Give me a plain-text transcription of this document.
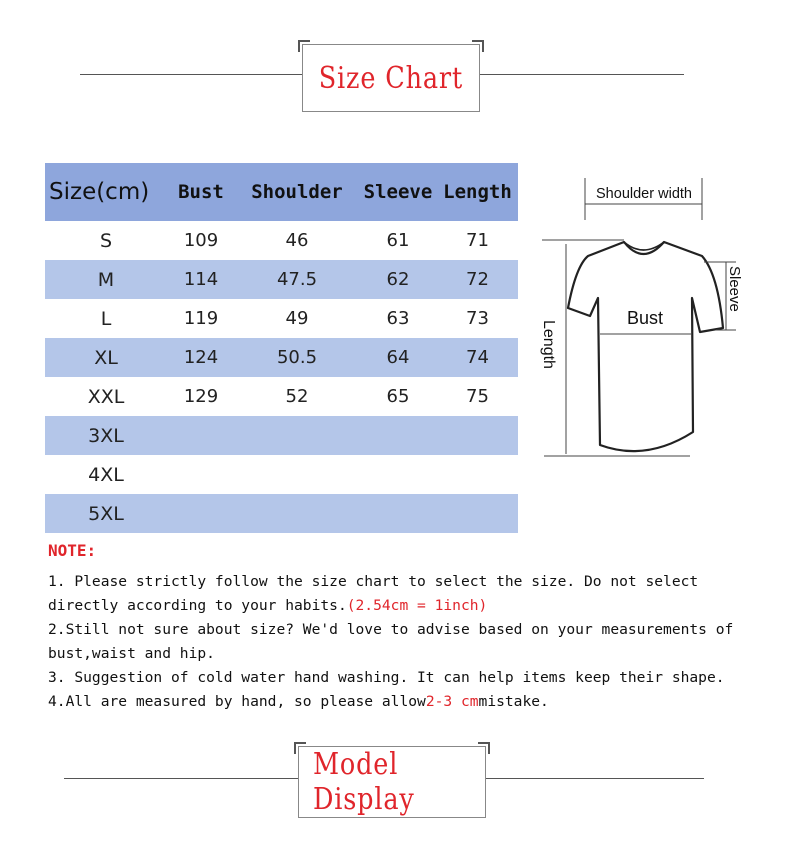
Size Chart
Size(cm)	Bust	Shoulder	Sleeve	Length
S	109	46	61	71
M	114	47.5	62	72
L	119	49	63	73
XL	124	50.5	64	74
XXL	129	52	65	75
3XL				
4XL				
5XL				
Shoulder width
Length
Bust
Sleeve
NOTE:

1. Please strictly follow the size chart to select the size. Do not select directly according to your habits.(2.54cm = 1inch)

2.Still not sure about size? We'd love to advise based on your measurements of bust,waist and hip.

3. Suggestion of cold water hand washing. It can help items keep their shape.

4.All are measured by hand, so please allow2-3 cmmistake.

Model Display
